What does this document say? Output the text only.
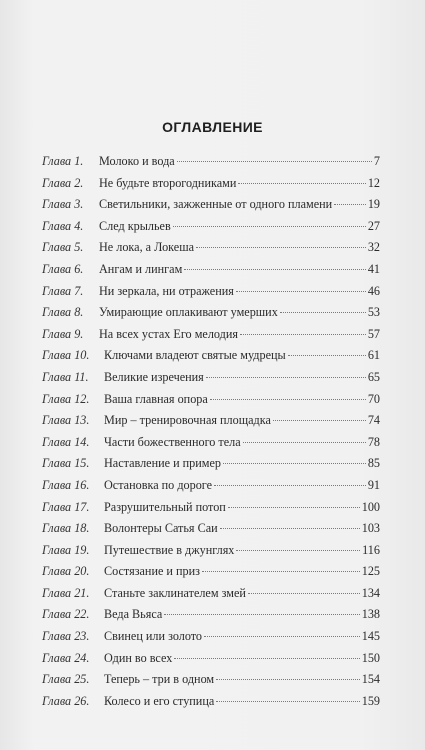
ОГЛАВЛЕНИЕ
Глава 1. Молоко и вода	7
Глава 2. Не будьте второгодниками	12
Глава 3. Светильники, зажженные от одного пламени	19
Глава 4. След крыльев	27
Глава 5. Не лока, а Локеша	32
Глава 6. Ангам и лингам	41
Глава 7. Ни зеркала, ни отражения	46
Глава 8. Умирающие оплакивают умерших	53
Глава 9. На всех устах Его мелодия	57
Глава 10. Ключами владеют святые мудрецы	61
Глава 11. Великие изречения	65
Глава 12. Ваша главная опора	70
Глава 13. Мир – тренировочная площадка	74
Глава 14. Части божественного тела	78
Глава 15. Наставление и пример	85
Глава 16. Остановка по дороге	91
Глава 17. Разрушительный потоп	100
Глава 18. Волонтеры Сатья Саи	103
Глава 19. Путешествие в джунглях	116
Глава 20. Состязание и приз	125
Глава 21. Станьте заклинателем змей	134
Глава 22. Веда Вьяса	138
Глава 23. Свинец или золото	145
Глава 24. Один во всех	150
Глава 25. Теперь – три в одном	154
Глава 26. Колесо и его ступица	159
